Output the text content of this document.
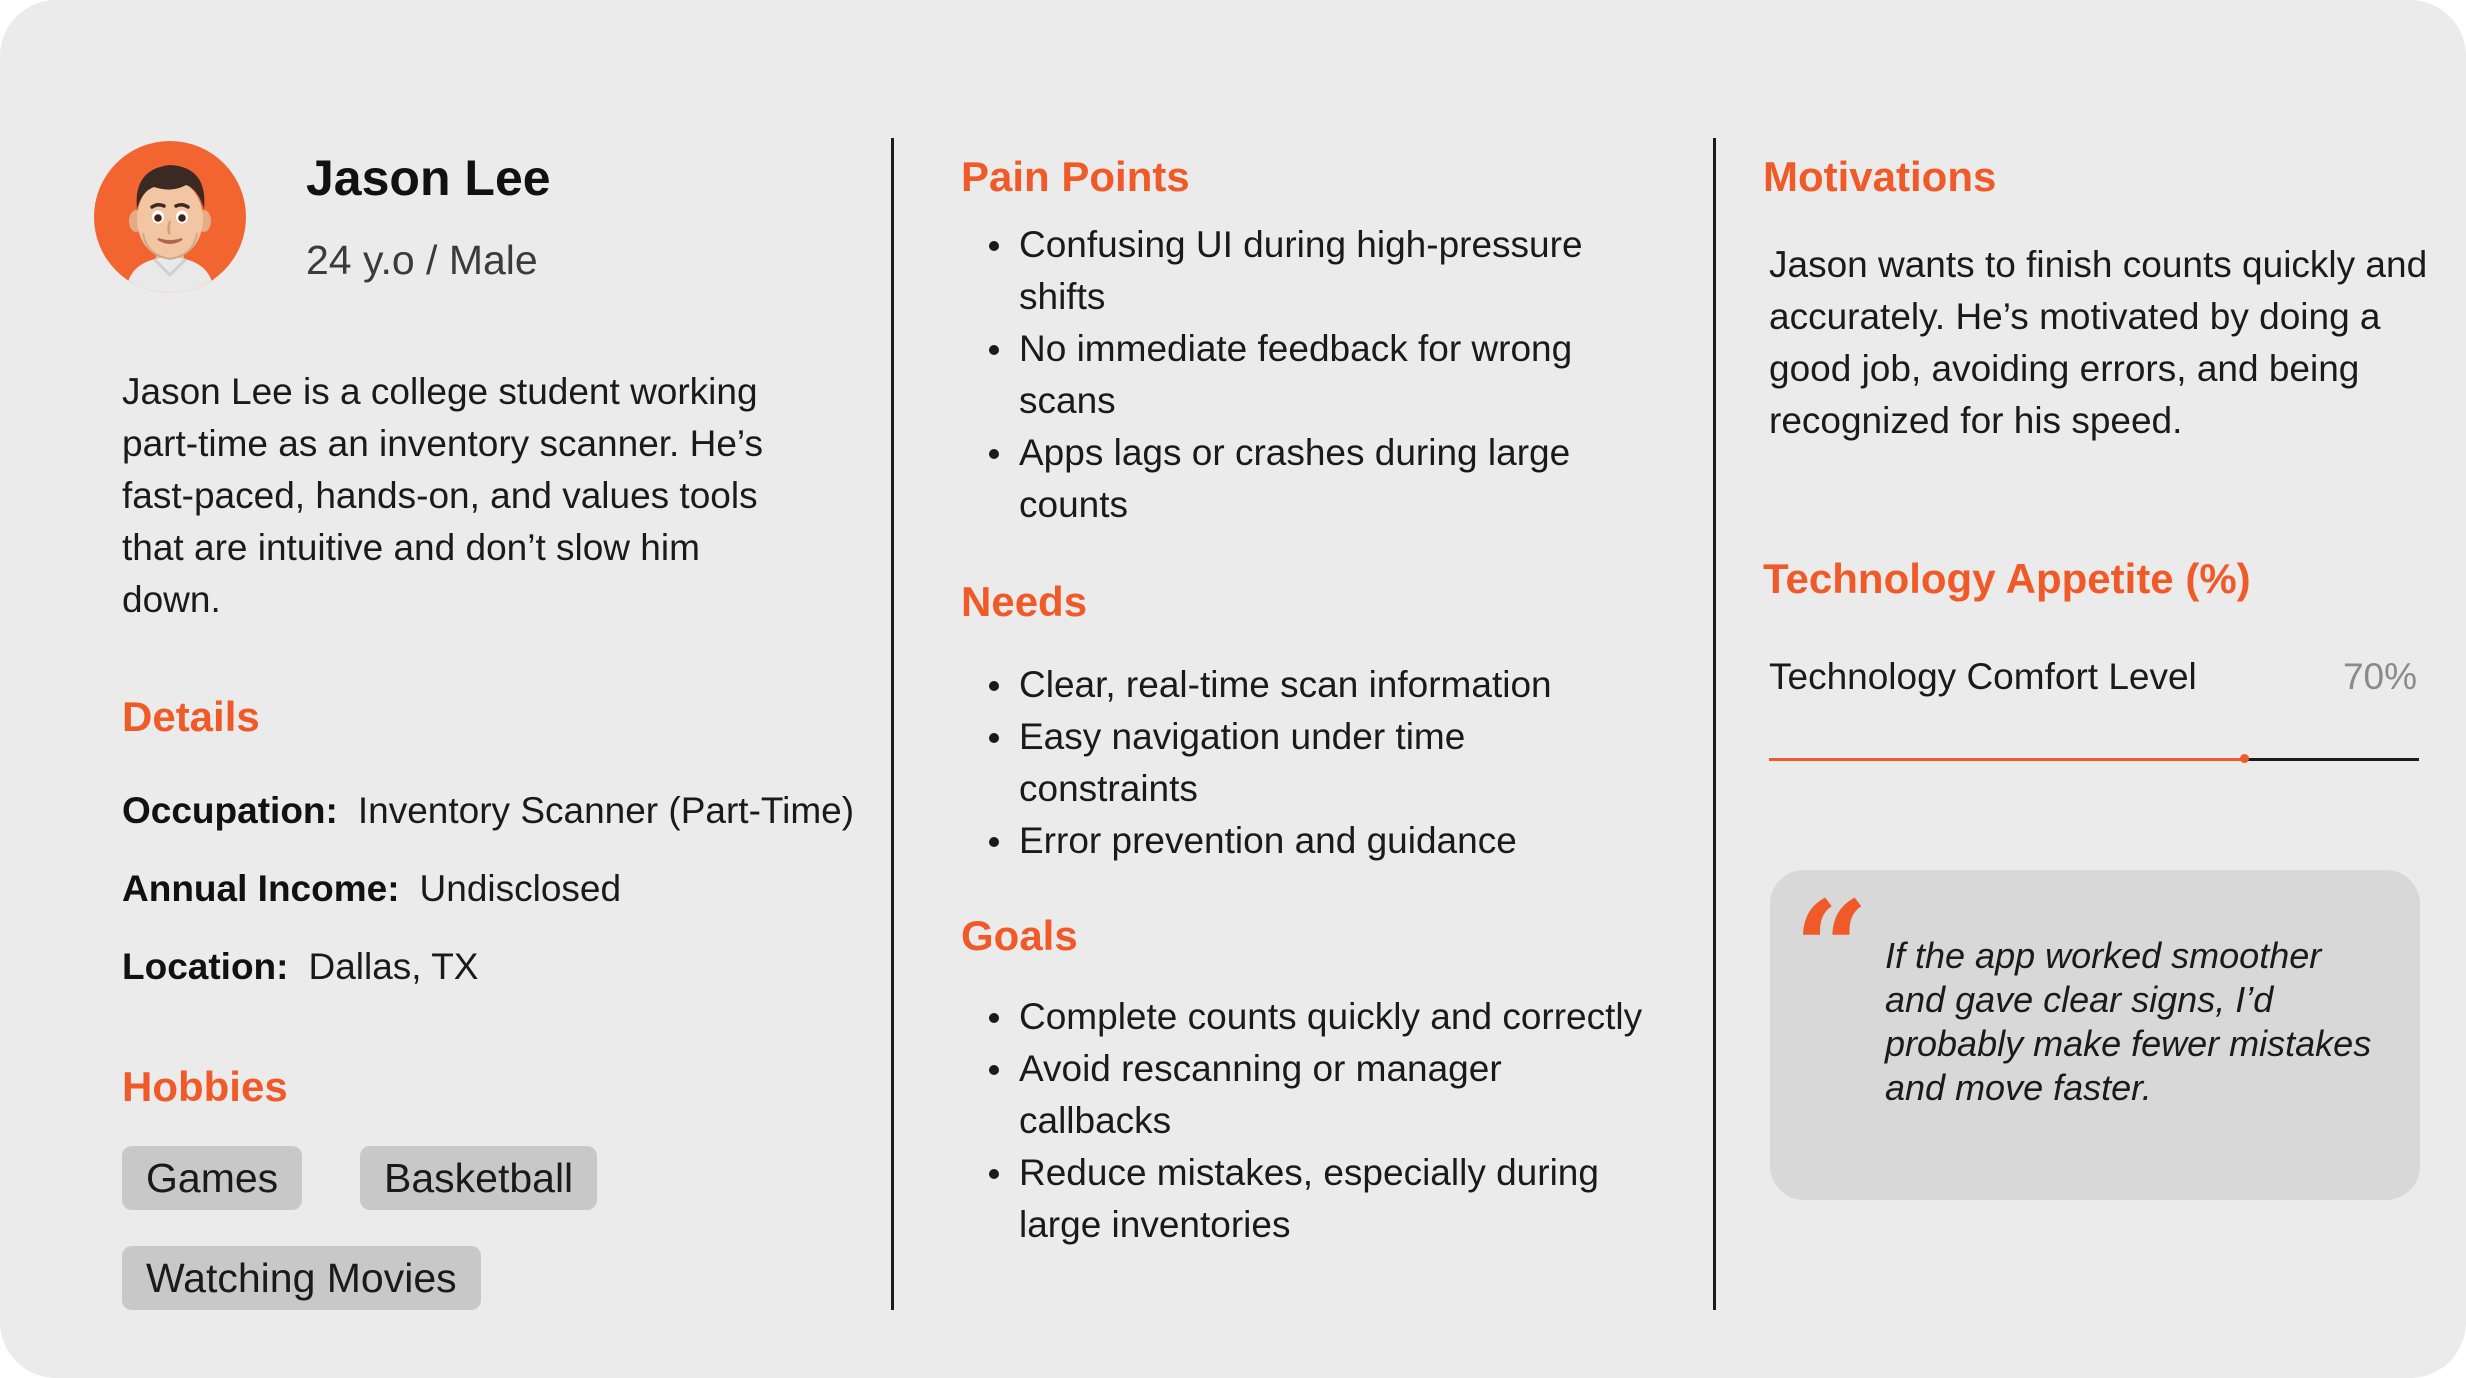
Jason Lee
24 y.o / Male
Jason Lee is a college student working part-time as an inventory scanner. He’s fast-paced, hands-on, and values tools that are intuitive and don’t slow him down.
Details
Occupation: Inventory Scanner (Part-Time)
Annual Income: Undisclosed
Location: Dallas, TX
Hobbies
Games	Basketball
Watching Movies
Pain Points
Confusing UI during high-pressure shifts
No immediate feedback for wrong scans
Apps lags or crashes during large counts
Needs
Clear, real-time scan information
Easy navigation under time constraints
Error prevention and guidance
Goals
Complete counts quickly and correctly
Avoid rescanning or manager callbacks
Reduce mistakes, especially during large inventories
Motivations
Jason wants to finish counts quickly and accurately. He’s motivated by doing a good job, avoiding errors, and being recognized for his speed.
Technology Appetite (%)
Technology Comfort Level	70%
“ If the app worked smoother and gave clear signs, I’d probably make fewer mistakes and move faster.
